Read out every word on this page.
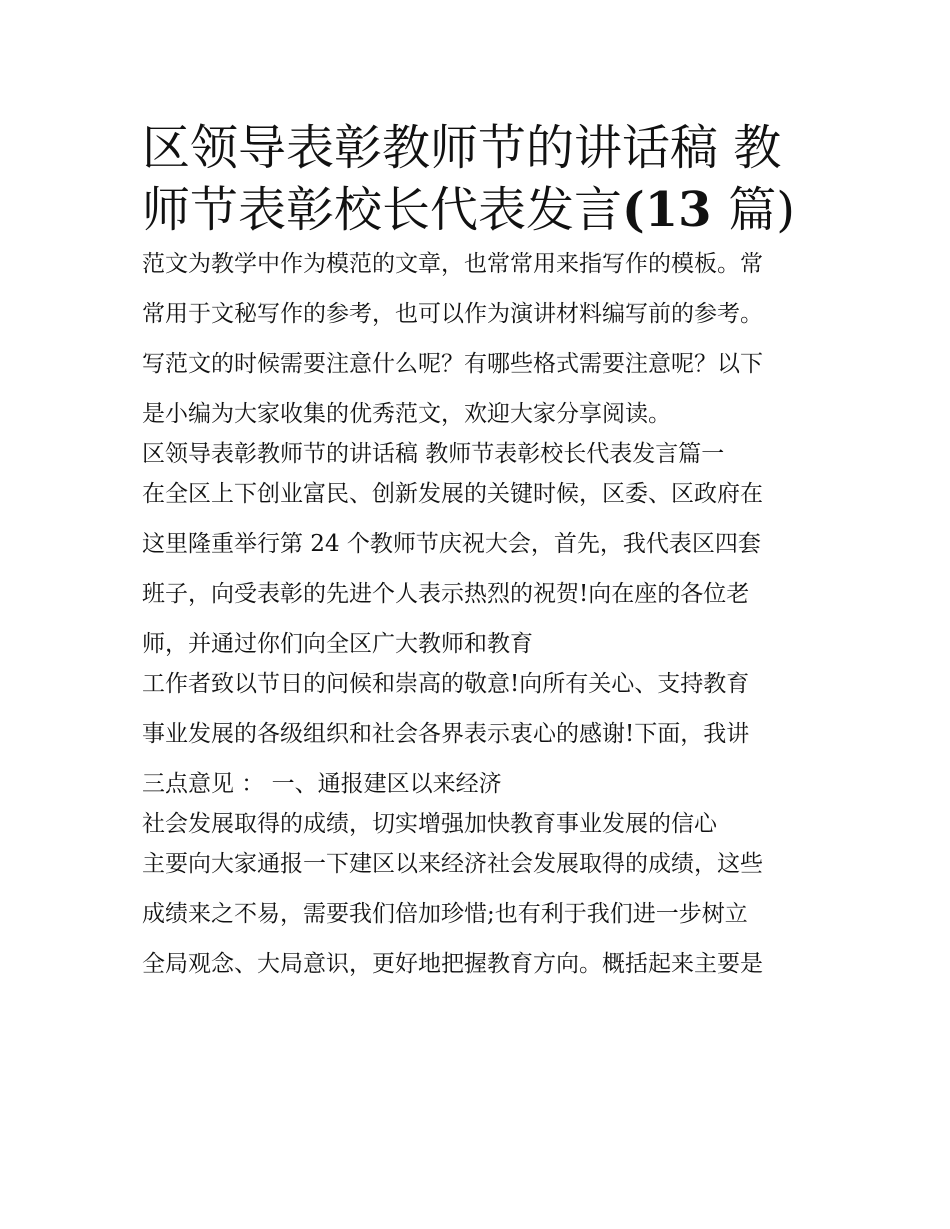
区领导表彰教师节的讲话稿 教
师节表彰校长代表发言(13 篇)
范文为教学中作为模范的文章，也常常用来指写作的模板。常
常用于文秘写作的参考，也可以作为演讲材料编写前的参考。
写范文的时候需要注意什么呢？有哪些格式需要注意呢？以下
是小编为大家收集的优秀范文，欢迎大家分享阅读。
区领导表彰教师节的讲话稿 教师节表彰校长代表发言篇一
在全区上下创业富民、创新发展的关键时候，区委、区政府在
这里隆重举行第 24 个教师节庆祝大会，首先，我代表区四套
班子，向受表彰的先进个人表示热烈的祝贺!向在座的各位老
师，并通过你们向全区广大教师和教育
工作者致以节日的问候和崇高的敬意!向所有关心、支持教育
事业发展的各级组织和社会各界表示衷心的感谢!下面，我讲
三点意见 ： 一、通报建区以来经济
社会发展取得的成绩，切实增强加快教育事业发展的信心
主要向大家通报一下建区以来经济社会发展取得的成绩，这些
成绩来之不易，需要我们倍加珍惜;也有利于我们进一步树立
全局观念、大局意识，更好地把握教育方向。概括起来主要是
